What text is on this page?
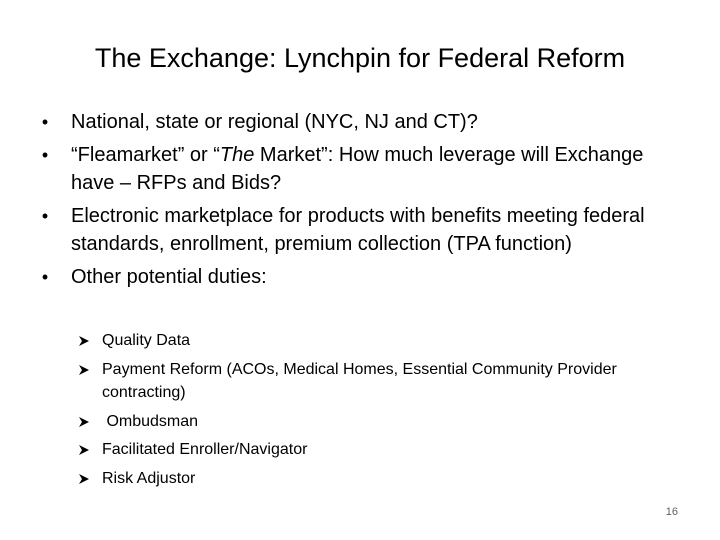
The Exchange: Lynchpin for Federal Reform
• National, state or regional (NYC, NJ and CT)?
• “Fleamarket” or “The Market”: How much leverage will Exchange have – RFPs and Bids?
• Electronic marketplace for products with benefits meeting federal standards, enrollment, premium collection (TPA function)
• Other potential duties:
Quality Data
Payment Reform (ACOs, Medical Homes, Essential Community Provider contracting)
Ombudsman
Facilitated Enroller/Navigator
Risk Adjustor
16
